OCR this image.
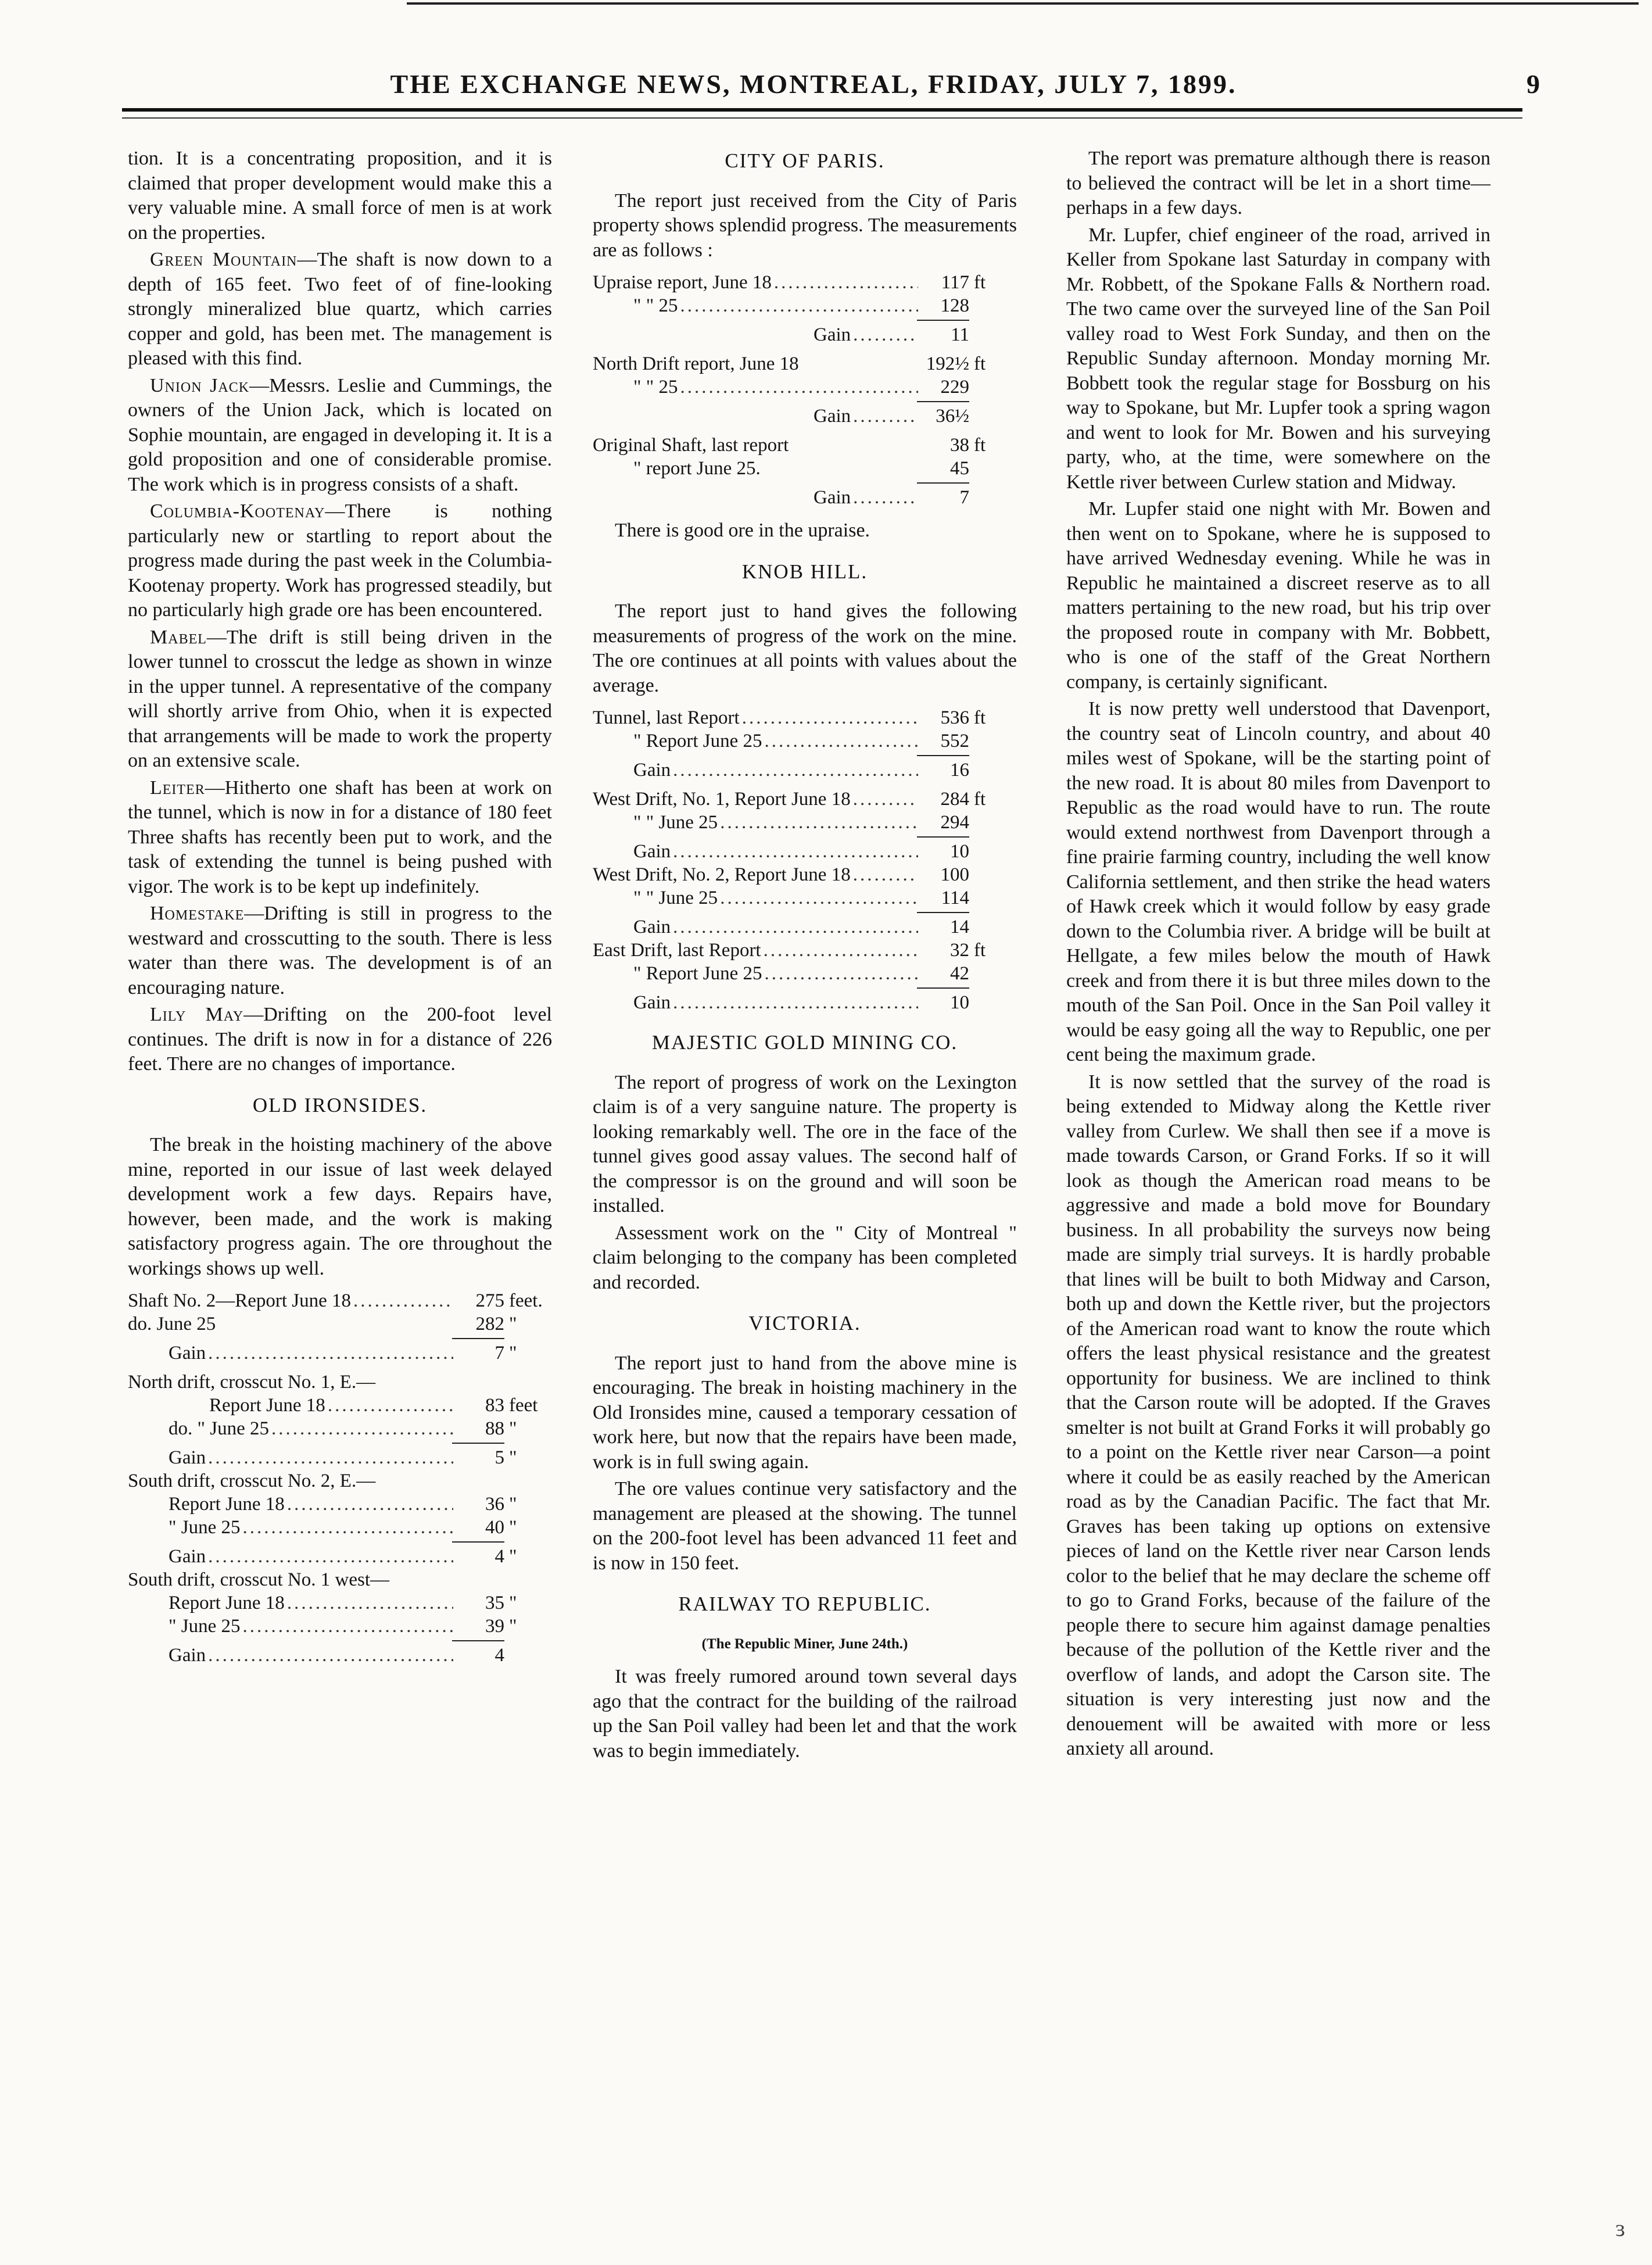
THE EXCHANGE NEWS, MONTREAL, FRIDAY, JULY 7, 1899.	9

tion. It is a concentrating proposition, and it is claimed that proper development would make this a very valuable mine. A small force of men is at work on the properties.

Green Mountain—The shaft is now down to a depth of 165 feet. Two feet of of fine-looking strongly mineralized blue quartz, which carries copper and gold, has been met. The management is pleased with this find.

Union Jack—Messrs. Leslie and Cummings, the owners of the Union Jack, which is located on Sophie mountain, are engaged in developing it. It is a gold proposition and one of considerable promise. The work which is in progress consists of a shaft.

Columbia-Kootenay—There is nothing particularly new or startling to report about the progress made during the past week in the Columbia-Kootenay property. Work has progressed steadily, but no particularly high grade ore has been encountered.

Mabel—The drift is still being driven in the lower tunnel to crosscut the ledge as shown in winze in the upper tunnel. A representative of the company will shortly arrive from Ohio, when it is expected that arrangements will be made to work the property on an extensive scale.

Leiter—Hitherto one shaft has been at work on the tunnel, which is now in for a distance of 180 feet Three shafts has recently been put to work, and the task of extending the tunnel is being pushed with vigor. The work is to be kept up indefinitely.

Homestake—Drifting is still in progress to the westward and crosscutting to the south. There is less water than there was. The development is of an encouraging nature.

Lily May—Drifting on the 200-foot level continues. The drift is now in for a distance of 226 feet. There are no changes of importance.

OLD IRONSIDES.

The break in the hoisting machinery of the above mine, reported in our issue of last week delayed development work a few days. Repairs have, however, been made, and the work is making satisfactory progress again. The ore throughout the workings shows up well.

Shaft No. 2—Report June 18 .....	275 feet.
do. June 25	282 "
Gain .....	7 "
North drift, crosscut No. 1, E.—
Report June 18 .....	83 feet
do. " June 25 .....	88 "
Gain .....	5 "
South drift, crosscut No. 2, E.—
Report June 18 .....	36 "
" June 25 .....	40 "
Gain .....	4 "
South drift, crosscut No. 1 west—
Report June 18 .....	35 "
" June 25 .....	39 "
Gain .....	4
CITY OF PARIS.

The report just received from the City of Paris property shows splendid progress. The measurements are as follows :

Upraise report, June 18 .....	117 ft
" " 25 .....	128
Gain .....	11
North Drift report, June 18	192½ ft
" " 25 .....	229
Gain .....	36½
Original Shaft, last report	38 ft
" report June 25.	45
Gain .....	7

There is good ore in the upraise.

KNOB HILL.

The report just to hand gives the following measurements of progress of the work on the mine. The ore continues at all points with values about the average.

Tunnel, last Report .....	536 ft
" Report June 25 .....	552
Gain .....	16
West Drift, No. 1, Report June 18 .....	284 ft
" " June 25 .....	294
Gain .....	10
West Drift, No. 2, Report June 18 .....	100
" " June 25 .....	114
Gain .....	14
East Drift, last Report .....	32 ft
" Report June 25 .....	42
Gain .....	10
MAJESTIC GOLD MINING CO.

The report of progress of work on the Lexington claim is of a very sanguine nature. The property is looking remarkably well. The ore in the face of the tunnel gives good assay values. The second half of the compressor is on the ground and will soon be installed.

Assessment work on the " City of Montreal " claim belonging to the company has been completed and recorded.

VICTORIA.

The report just to hand from the above mine is encouraging. The break in hoisting machinery in the Old Ironsides mine, caused a temporary cessation of work here, but now that the repairs have been made, work is in full swing again.

The ore values continue very satisfactory and the management are pleased at the showing. The tunnel on the 200-foot level has been advanced 11 feet and is now in 150 feet.

RAILWAY TO REPUBLIC.
(The Republic Miner, June 24th.)

It was freely rumored around town several days ago that the contract for the building of the railroad up the San Poil valley had been let and that the work was to begin immediately.

The report was premature although there is reason to believed the contract will be let in a short time—perhaps in a few days.

Mr. Lupfer, chief engineer of the road, arrived in Keller from Spokane last Saturday in company with Mr. Robbett, of the Spokane Falls & Northern road. The two came over the surveyed line of the San Poil valley road to West Fork Sunday, and then on the Republic Sunday afternoon. Monday morning Mr. Bobbett took the regular stage for Bossburg on his way to Spokane, but Mr. Lupfer took a spring wagon and went to look for Mr. Bowen and his surveying party, who, at the time, were somewhere on the Kettle river between Curlew station and Midway.

Mr. Lupfer staid one night with Mr. Bowen and then went on to Spokane, where he is supposed to have arrived Wednesday evening. While he was in Republic he maintained a discreet reserve as to all matters pertaining to the new road, but his trip over the proposed route in company with Mr. Bobbett, who is one of the staff of the Great Northern company, is certainly significant.

It is now pretty well understood that Davenport, the country seat of Lincoln country, and about 40 miles west of Spokane, will be the starting point of the new road. It is about 80 miles from Davenport to Republic as the road would have to run. The route would extend northwest from Davenport through a fine prairie farming country, including the well know California settlement, and then strike the head waters of Hawk creek which it would follow by easy grade down to the Columbia river. A bridge will be built at Hellgate, a few miles below the mouth of Hawk creek and from there it is but three miles down to the mouth of the San Poil. Once in the San Poil valley it would be easy going all the way to Republic, one per cent being the maximum grade.

It is now settled that the survey of the road is being extended to Midway along the Kettle river valley from Curlew. We shall then see if a move is made towards Carson, or Grand Forks. If so it will look as though the American road means to be aggressive and made a bold move for Boundary business. In all probability the surveys now being made are simply trial surveys. It is hardly probable that lines will be built to both Midway and Carson, both up and down the Kettle river, but the projectors of the American road want to know the route which offers the least physical resistance and the greatest opportunity for business. We are inclined to think that the Carson route will be adopted. If the Graves smelter is not built at Grand Forks it will probably go to a point on the Kettle river near Carson—a point where it could be as easily reached by the American road as by the Canadian Pacific. The fact that Mr. Graves has been taking up options on extensive pieces of land on the Kettle river near Carson lends color to the belief that he may declare the scheme off to go to Grand Forks, because of the failure of the people there to secure him against damage penalties because of the pollution of the Kettle river and the overflow of lands, and adopt the Carson site. The situation is very interesting just now and the denouement will be awaited with more or less anxiety all around.

ɜ
